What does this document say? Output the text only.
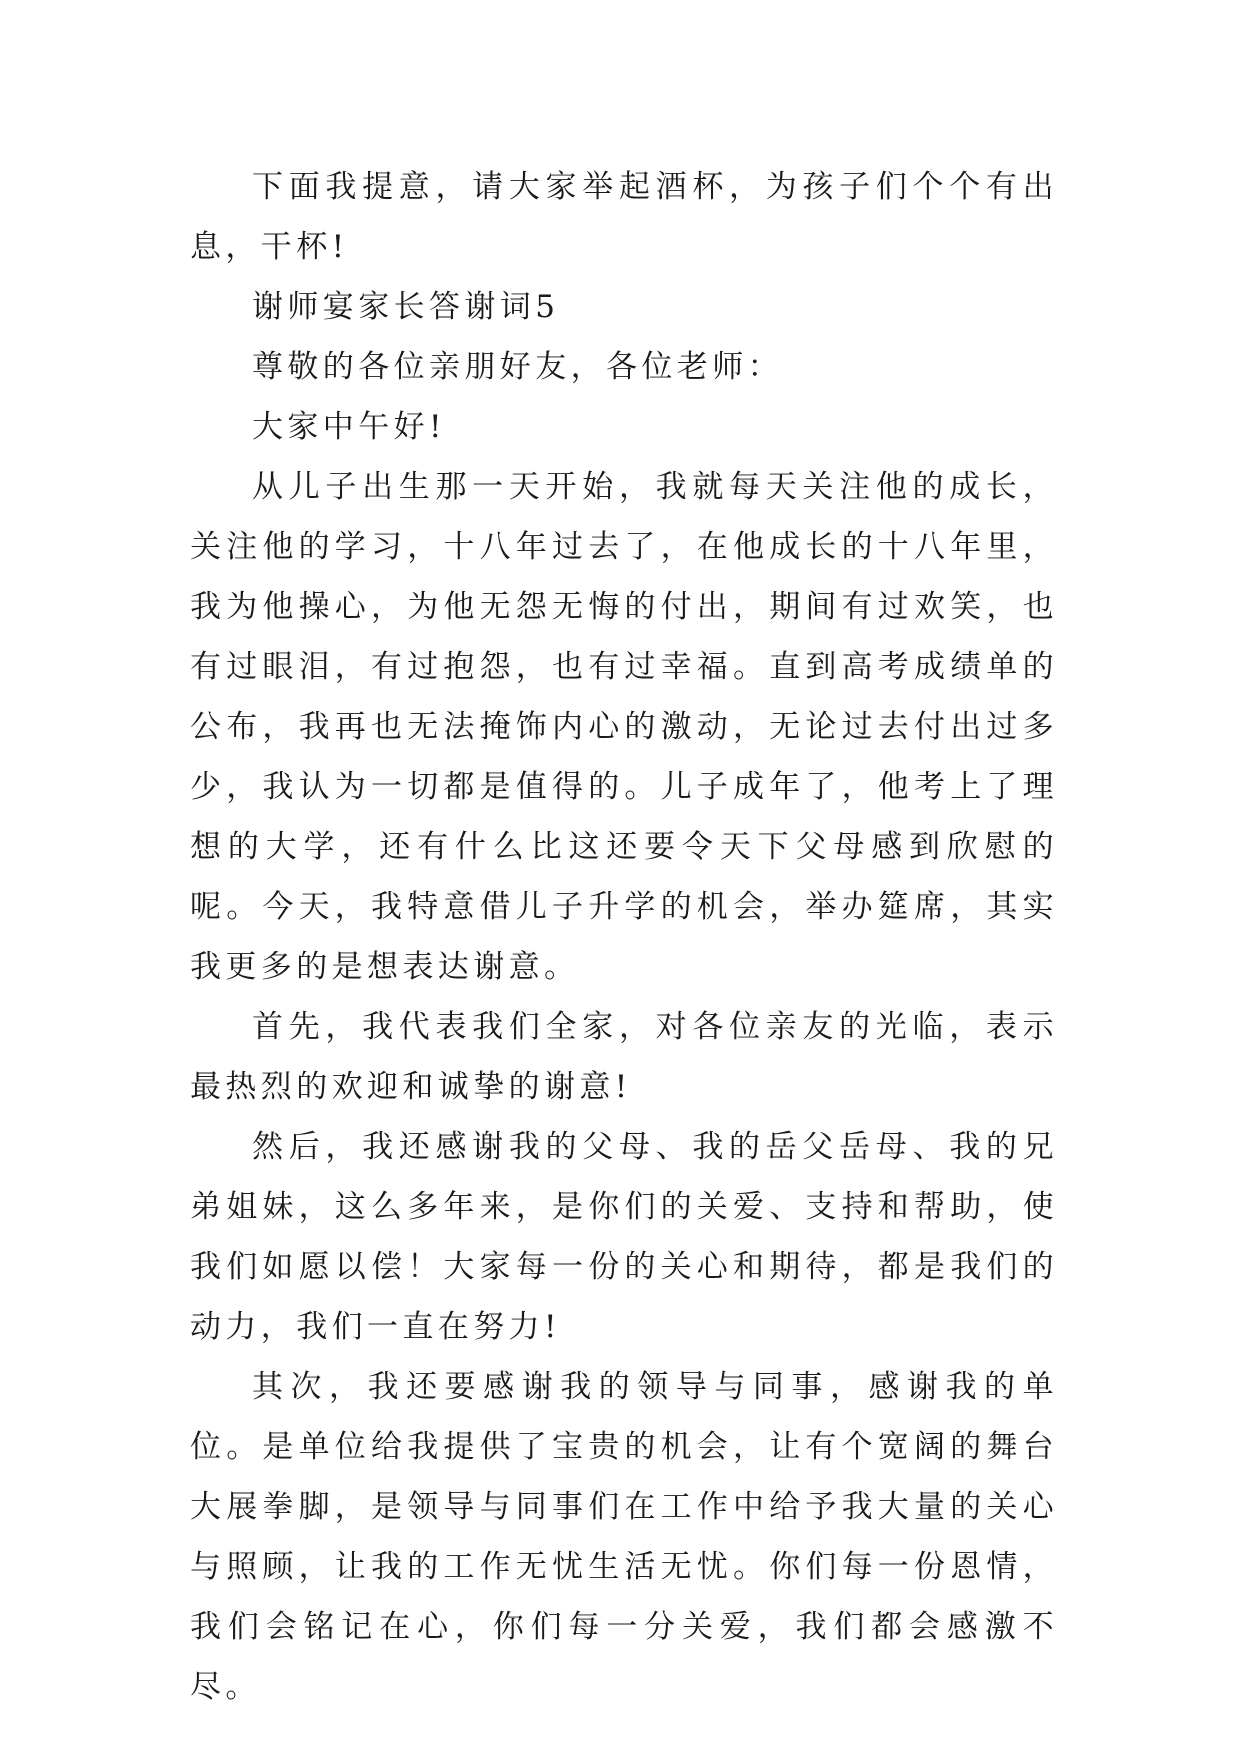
下面我提意，请大家举起酒杯，为孩子们个个有出息，干杯!

谢师宴家长答谢词5

尊敬的各位亲朋好友，各位老师：

大家中午好!

从儿子出生那一天开始，我就每天关注他的成长，关注他的学习，十八年过去了，在他成长的十八年里，我为他操心，为他无怨无悔的付出，期间有过欢笑，也有过眼泪，有过抱怨，也有过幸福。直到高考成绩单的公布，我再也无法掩饰内心的激动，无论过去付出过多少，我认为一切都是值得的。儿子成年了，他考上了理想的大学，还有什么比这还要令天下父母感到欣慰的呢。今天，我特意借儿子升学的机会，举办筵席，其实我更多的是想表达谢意。

首先，我代表我们全家，对各位亲友的光临，表示最热烈的欢迎和诚挚的谢意!

然后，我还感谢我的父母、我的岳父岳母、我的兄弟姐妹，这么多年来，是你们的关爱、支持和帮助，使我们如愿以偿！大家每一份的关心和期待，都是我们的动力，我们一直在努力!

其次，我还要感谢我的领导与同事，感谢我的单位。是单位给我提供了宝贵的机会，让有个宽阔的舞台大展拳脚，是领导与同事们在工作中给予我大量的关心与照顾，让我的工作无忧生活无忧。你们每一份恩情，我们会铭记在心，你们每一分关爱，我们都会感激不尽。
